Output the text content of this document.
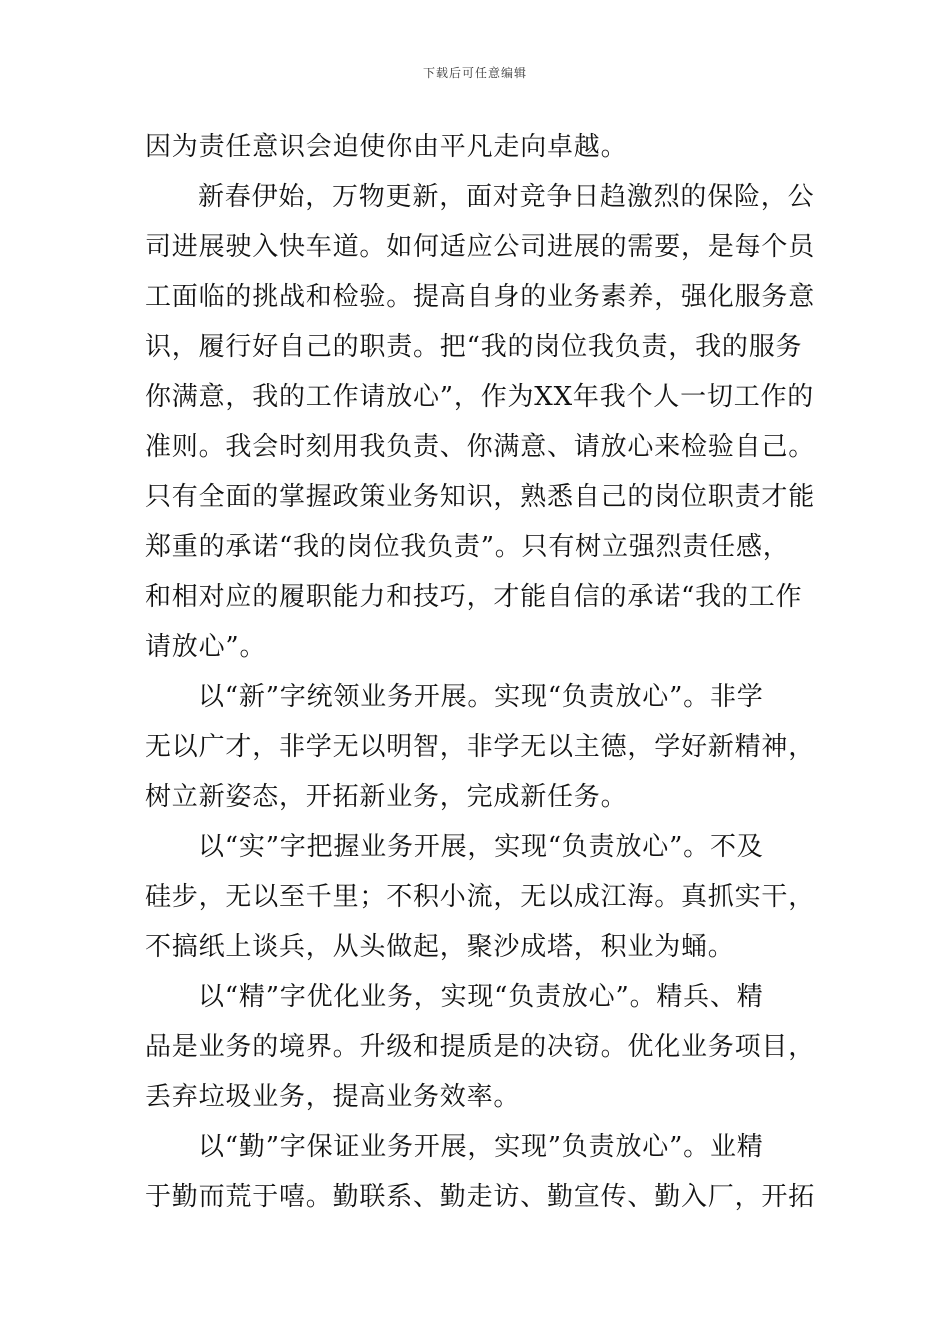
下载后可任意编辑
因为责任意识会迫使你由平凡走向卓越。
新春伊始，万物更新，面对竞争日趋激烈的保险，公
司进展驶入快车道。如何适应公司进展的需要，是每个员
工面临的挑战和检验。提高自身的业务素养，强化服务意
识，履行好自己的职责。把“我的岗位我负责，我的服务
你满意，我的工作请放心”，作为XX年我个人一切工作的
准则。我会时刻用我负责、你满意、请放心来检验自己。
只有全面的掌握政策业务知识，熟悉自己的岗位职责才能
郑重的承诺“我的岗位我负责”。只有树立强烈责任感，
和相对应的履职能力和技巧，才能自信的承诺“我的工作
请放心”。
以“新”字统领业务开展。实现“负责放心”。非学
无以广才，非学无以明智，非学无以主德，学好新精神，
树立新姿态，开拓新业务，完成新任务。
以“实”字把握业务开展，实现“负责放心”。不及
硅步，无以至千里；不积小流，无以成江海。真抓实干，
不搞纸上谈兵，从头做起，聚沙成塔，积业为蛹。
以“精”字优化业务，实现“负责放心”。精兵、精
品是业务的境界。升级和提质是的决窃。优化业务项目，
丢弃垃圾业务，提高业务效率。
以“勤”字保证业务开展，实现”负责放心”。业精
于勤而荒于嘻。勤联系、勤走访、勤宣传、勤入厂，开拓
